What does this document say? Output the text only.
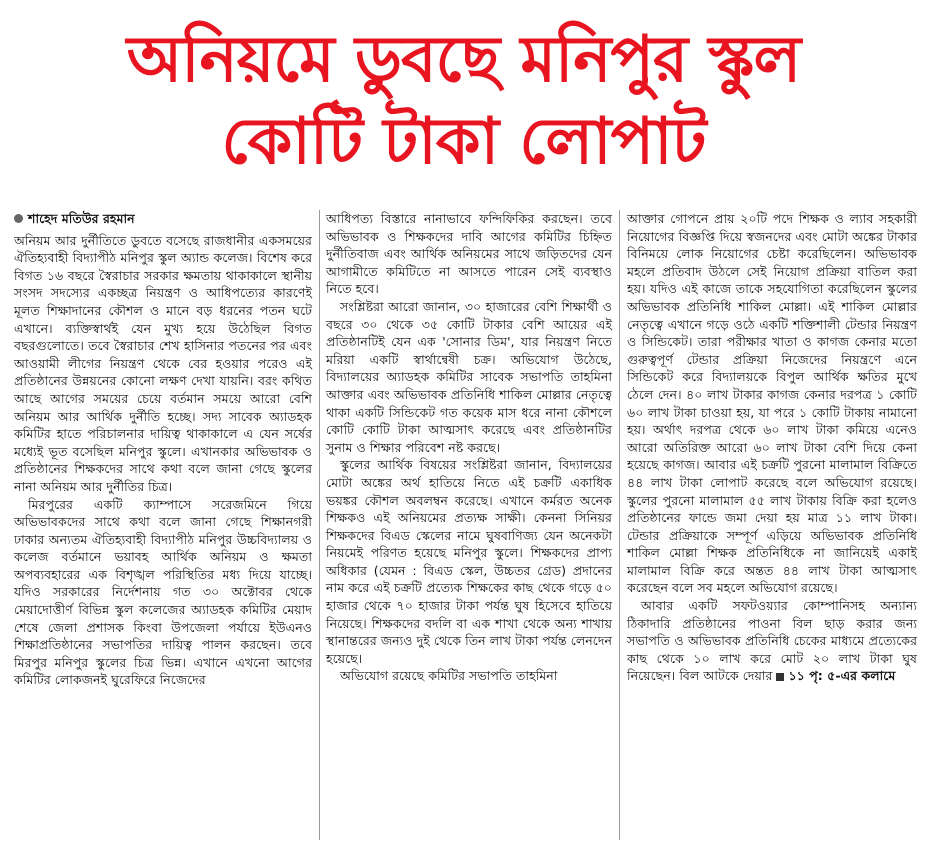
অনিয়মে ডুবছে মনিপুর স্কুল
কোটি টাকা লোপাট
শাহেদ মতিউর রহমান

অনিয়ম আর দুর্নীতিতে ডুবতে বসেছে রাজধানীর একসময়ের ঐতিহ্যবাহী বিদ্যাপীঠ মনিপুর স্কুল অ্যান্ড কলেজ। বিশেষ করে বিগত ১৬ বছরে স্বৈরাচার সরকার ক্ষমতায় থাকাকালে স্থানীয় সংসদ সদস্যের একচ্ছত্র নিয়ন্ত্রণ ও আধিপত্যের কারণেই মূলত শিক্ষাদানের কৌশল ও মানে বড় ধরনের পতন ঘটে এখানে। ব্যক্তিস্বার্থই যেন মুখ্য হয়ে উঠেছিল বিগত বছরগুলোতে। তবে স্বৈরাচার শেখ হাসিনার পতনের পর এবং আওয়ামী লীগের নিয়ন্ত্রণ থেকে বের হওয়ার পরেও এই প্রতিষ্ঠানের উন্নয়নের কোনো লক্ষণ দেখা যায়নি। বরং কথিত আছে আগের সময়ের চেয়ে বর্তমান সময়ে আরো বেশি অনিয়ম আর আর্থিক দুর্নীতি হচ্ছে। সদ্য সাবেক অ্যাডহক কমিটির হাতে পরিচালনার দায়িত্ব থাকাকালে এ যেন সর্ষের মধ্যেই ভূত বসেছিল মনিপুর স্কুলে। এখানকার অভিভাবক ও প্রতিষ্ঠানের শিক্ষকদের সাথে কথা বলে জানা গেছে স্কুলের নানা অনিয়ম আর দুর্নীতির চিত্র।

মিরপুরের একটি ক্যাম্পাসে সরেজমিনে গিয়ে অভিভাবকদের সাথে কথা বলে জানা গেছে শিক্ষানগরী ঢাকার অন্যতম ঐতিহ্যবাহী বিদ্যাপীঠ মনিপুর উচ্চবিদ্যালয় ও কলেজ বর্তমানে ভয়াবহ আর্থিক অনিয়ম ও ক্ষমতা অপব্যবহারের এক বিশৃঙ্খল পরিস্থিতির মধ্য দিয়ে যাচ্ছে। যদিও সরকারের নির্দেশনায় গত ৩০ অক্টোবর থেকে মেয়াদোত্তীর্ণ বিভিন্ন স্কুল কলেজের অ্যাডহক কমিটির মেয়াদ শেষে জেলা প্রশাসক কিংবা উপজেলা পর্যায়ে ইউএনও শিক্ষাপ্রতিষ্ঠানের সভাপতির দায়িত্ব পালন করছেন। তবে মিরপুর মনিপুর স্কুলের চিত্র ভিন্ন। এখানে এখনো আগের কমিটির লোকজনই ঘুরেফিরে নিজেদের

আধিপত্য বিস্তারে নানাভাবে ফন্দিফিকির করছেন। তবে অভিভাবক ও শিক্ষকদের দাবি আগের কমিটির চিহ্নিত দুর্নীতিবাজ এবং আর্থিক অনিয়মের সাথে জড়িতদের যেন আগামীতে কমিটিতে না আসতে পারেন সেই ব্যবস্থাও নিতে হবে।

সংশ্লিষ্টরা আরো জানান, ৩০ হাজারের বেশি শিক্ষার্থী ও বছরে ৩০ থেকে ৩৫ কোটি টাকার বেশি আয়ের এই প্রতিষ্ঠানটিই যেন এক 'সোনার ডিম', যার নিয়ন্ত্রণ নিতে মরিয়া একটি স্বার্থান্বেষী চক্র। অভিযোগ উঠেছে, বিদ্যালয়ের অ্যাডহক কমিটির সাবেক সভাপতি তাহমিনা আক্তার এবং অভিভাবক প্রতিনিধি শাকিল মোল্লার নেতৃত্বে থাকা একটি সিন্ডিকেট গত কয়েক মাস ধরে নানা কৌশলে কোটি কোটি টাকা আত্মসাৎ করেছে এবং প্রতিষ্ঠানটির সুনাম ও শিক্ষার পরিবেশ নষ্ট করছে।

স্কুলের আর্থিক বিষয়ের সংশ্লিষ্টরা জানান, বিদ্যালয়ের মোটা অঙ্কের অর্থ হাতিয়ে নিতে এই চক্রটি একাধিক ভয়ঙ্কর কৌশল অবলম্বন করেছে। এখানে কর্মরত অনেক শিক্ষকও এই অনিয়মের প্রত্যক্ষ সাক্ষী। কেননা সিনিয়র শিক্ষকদের বিএড স্কেলের নামে ঘুষবাণিজ্য যেন অনেকটা নিয়মেই পরিণত হয়েছে মনিপুর স্কুলে। শিক্ষকদের প্রাপ্য অধিকার (যেমন : বিএড স্কেল, উচ্চতর গ্রেড) প্রদানের নাম করে এই চক্রটি প্রত্যেক শিক্ষকের কাছ থেকে গড়ে ৫০ হাজার থেকে ৭০ হাজার টাকা পর্যন্ত ঘুষ হিসেবে হাতিয়ে নিয়েছে। শিক্ষকদের বদলি বা এক শাখা থেকে অন্য শাখায় স্থানান্তরের জন্যও দুই থেকে তিন লাখ টাকা পর্যন্ত লেনদেন হয়েছে।

অভিযোগ রয়েছে কমিটির সভাপতি তাহমিনা

আক্তার গোপনে প্রায় ২০টি পদে শিক্ষক ও ল্যাব সহকারী নিয়োগের বিজ্ঞপ্তি দিয়ে স্বজনদের এবং মোটা অঙ্কের টাকার বিনিময়ে লোক নিয়োগের চেষ্টা করেছিলেন। অভিভাবক মহলে প্রতিবাদ উঠলে সেই নিয়োগ প্রক্রিয়া বাতিল করা হয়। যদিও এই কাজে তাকে সহযোগিতা করেছিলেন স্কুলের অভিভাবক প্রতিনিধি শাকিল মোল্লা। এই শাকিল মোল্লার নেতৃত্বে এখানে গড়ে ওঠে একটি শক্তিশালী টেন্ডার নিয়ন্ত্রণ ও সিন্ডিকেট। তারা পরীক্ষার খাতা ও কাগজ কেনার মতো গুরুত্বপূর্ণ টেন্ডার প্রক্রিয়া নিজেদের নিয়ন্ত্রণে এনে সিন্ডিকেট করে বিদ্যালয়কে বিপুল আর্থিক ক্ষতির মুখে ঠেলে দেন। ৪০ লাখ টাকার কাগজ কেনার দরপত্র ১ কোটি ৬০ লাখ টাকা চাওয়া হয়, যা পরে ১ কোটি টাকায় নামানো হয়। অর্থাৎ দরপত্র থেকে ৬০ লাখ টাকা কমিয়ে এনেও আরো অতিরিক্ত আরো ৬০ লাখ টাকা বেশি দিয়ে কেনা হয়েছে কাগজ। আবার এই চক্রটি পুরনো মালামাল বিক্রিতে ৪৪ লাখ টাকা লোপাট করেছে বলে অভিযোগ রয়েছে। স্কুলের পুরনো মালামাল ৫৫ লাখ টাকায় বিক্রি করা হলেও প্রতিষ্ঠানের ফান্ডে জমা দেয়া হয় মাত্র ১১ লাখ টাকা। টেন্ডার প্রক্রিয়াকে সম্পূর্ণ এড়িয়ে অভিভাবক প্রতিনিধি শাকিল মোল্লা শিক্ষক প্রতিনিধিকে না জানিয়েই একাই মালামাল বিক্রি করে অন্তত ৪৪ লাখ টাকা আত্মসাৎ করেছেন বলে সব মহলে অভিযোগ রয়েছে।

আবার একটি সফটওয়্যার কোম্পানিসহ অন্যান্য ঠিকাদারি প্রতিষ্ঠানের পাওনা বিল ছাড় করার জন্য সভাপতি ও অভিভাবক প্রতিনিধি চেকের মাধ্যমে প্রত্যেকের কাছ থেকে ১০ লাখ করে মোট ২০ লাখ টাকা ঘুষ নিয়েছেন। বিল আটকে দেয়ার ১১ পৃ: ৫-এর কলামে
